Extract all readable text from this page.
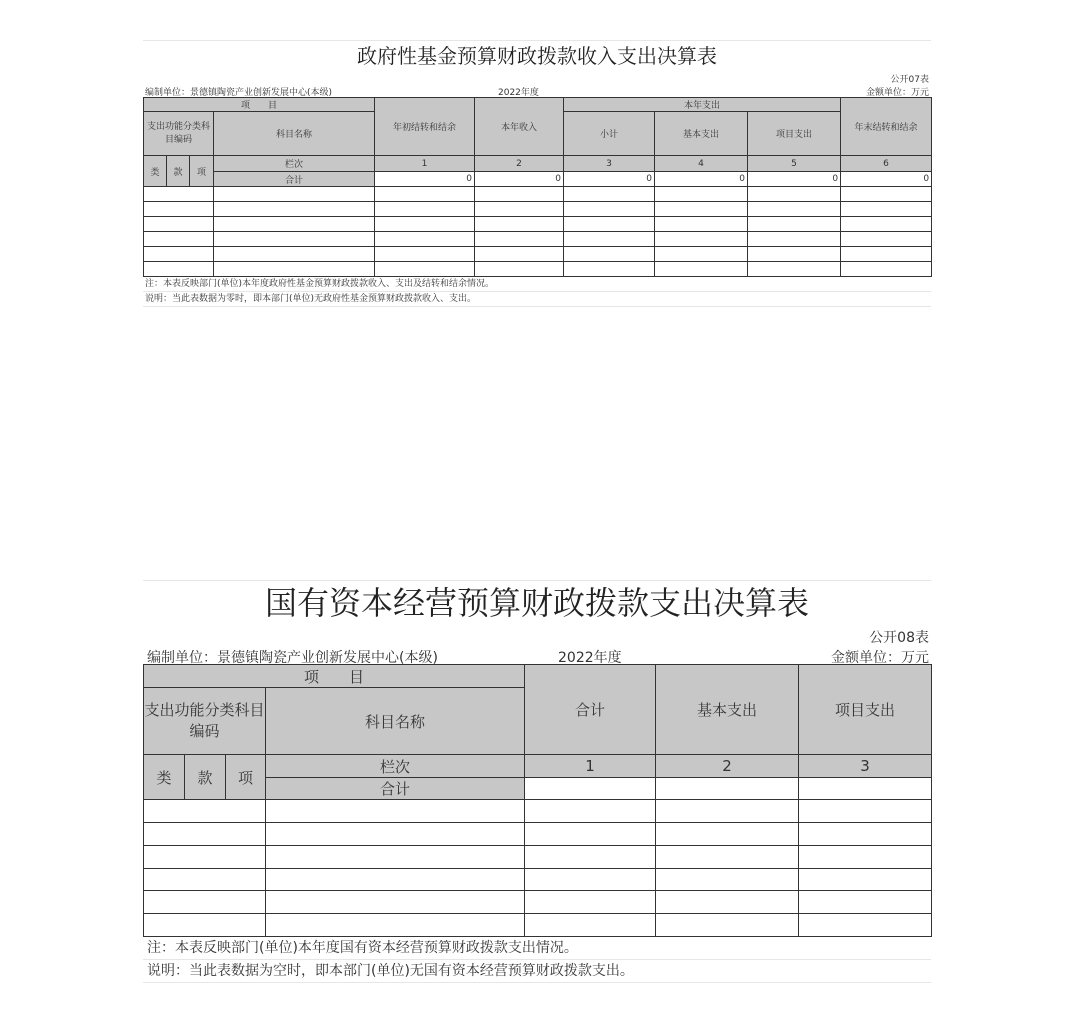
政府性基金预算财政拨款收入支出决算表
公开07表
编制单位：景德镇陶瓷产业创新发展中心(本级)	2022年度	金额单位：万元
项　　目				年初结转和结余	本年收入	本年支出			年末结转和结余
支出功能分类科目编码			科目名称			小计	基本支出	项目支出	
类	款	项	栏次	1	2	3	4	5	6
			合计	0	0	0	0	0	0

注：本表反映部门(单位)本年度政府性基金预算财政拨款收入、支出及结转和结余情况。
说明：当此表数据为零时，即本部门(单位)无政府性基金预算财政拨款收入、支出。
国有资本经营预算财政拨款支出决算表
公开08表
编制单位：景德镇陶瓷产业创新发展中心(本级)	2022年度	金额单位：万元
项　　目				合计	基本支出	项目支出
支出功能分类科目编码			科目名称			
类	款	项	栏次	1	2	3
			合计			

注：本表反映部门(单位)本年度国有资本经营预算财政拨款支出情况。
说明：当此表数据为空时，即本部门(单位)无国有资本经营预算财政拨款支出。
